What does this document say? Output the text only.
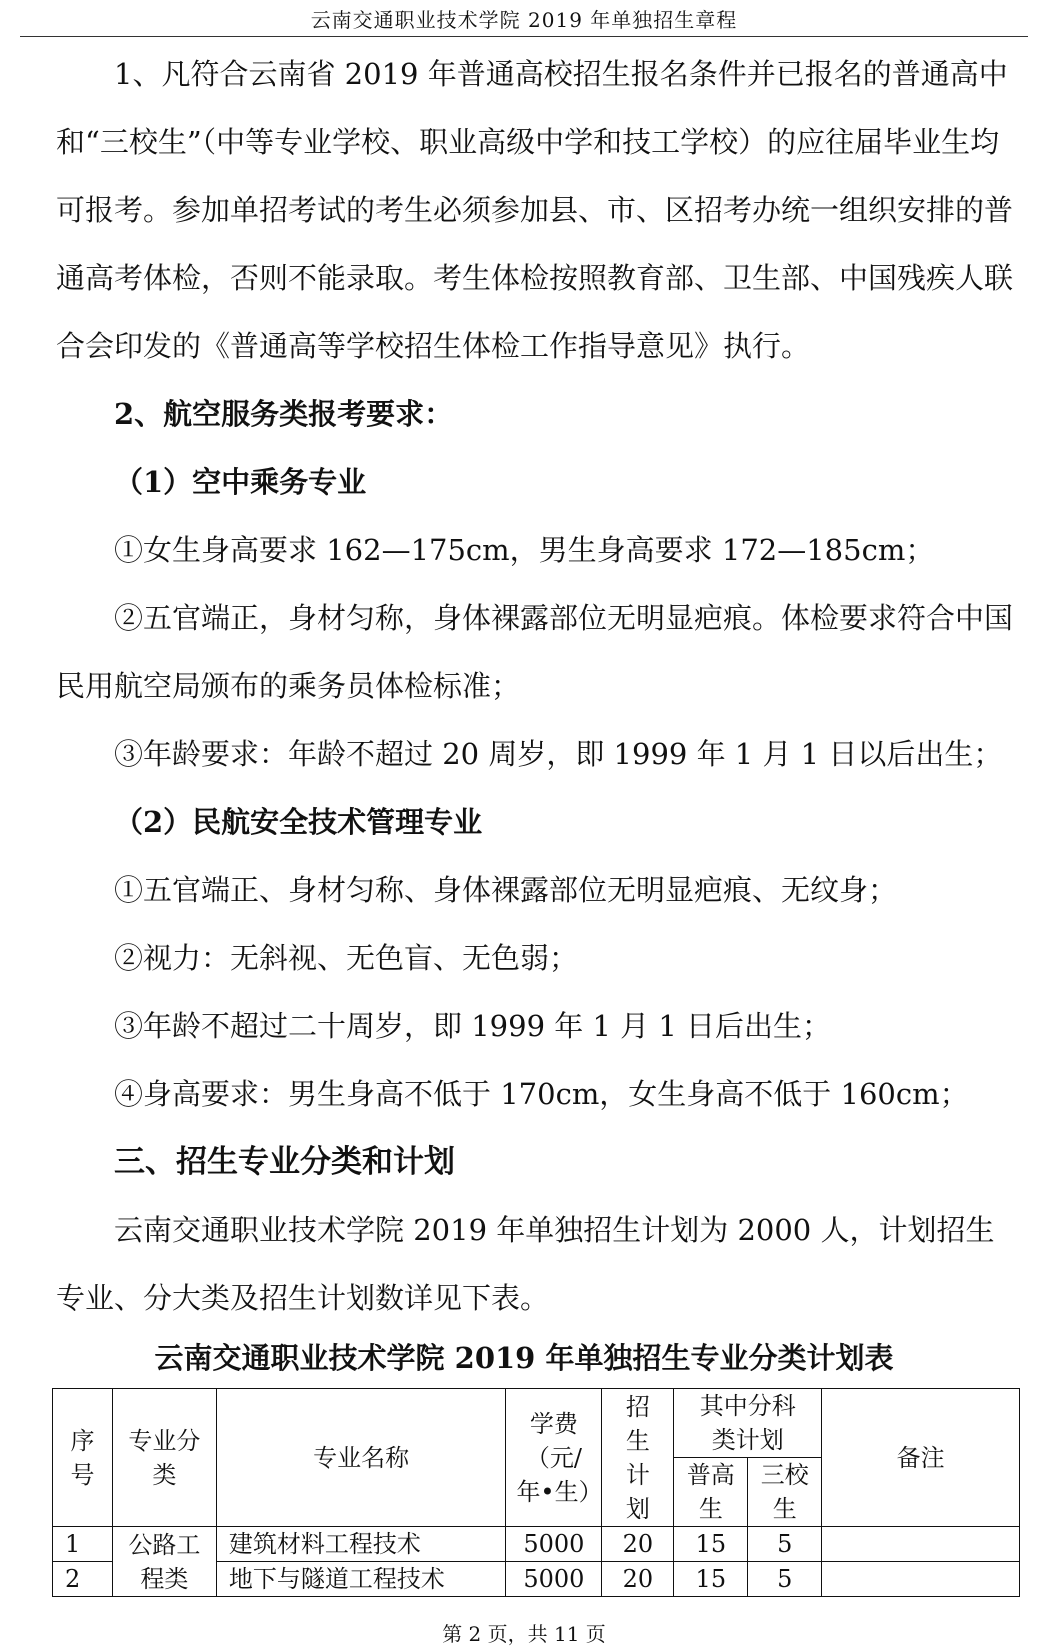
云南交通职业技术学院 2019 年单独招生章程

1、凡符合云南省 2019 年普通高校招生报名条件并已报名的普通高中和“三校生”（中等专业学校、职业高级中学和技工学校）的应往届毕业生均可报考。参加单招考试的考生必须参加县、市、区招考办统一组织安排的普通高考体检，否则不能录取。考生体检按照教育部、卫生部、中国残疾人联合会印发的《普通高等学校招生体检工作指导意见》执行。

2、航空服务类报考要求：

（1）空中乘务专业

①女生身高要求 162—175cm，男生身高要求 172—185cm；

②五官端正，身材匀称，身体裸露部位无明显疤痕。体检要求符合中国民用航空局颁布的乘务员体检标准；

③年龄要求：年龄不超过 20 周岁，即 1999 年 1 月 1 日以后出生；

（2）民航安全技术管理专业

①五官端正、身材匀称、身体裸露部位无明显疤痕、无纹身；

②视力：无斜视、无色盲、无色弱；

③年龄不超过二十周岁，即 1999 年 1 月 1 日后出生；

④身高要求：男生身高不低于 170cm，女生身高不低于 160cm；

三、招生专业分类和计划

云南交通职业技术学院 2019 年单独招生计划为 2000 人，计划招生专业、分大类及招生计划数详见下表。

云南交通职业技术学院 2019 年单独招生专业分类计划表
序号	专业分类	专业名称	学费（元/年•生）	招生计划	其中分科类计划		备注
					普高生	三校生	
1	公路工程类	建筑材料工程技术	5000	20	15	5	
2		地下与隧道工程技术	5000	20	15	5	
第 2 页，共 11 页
